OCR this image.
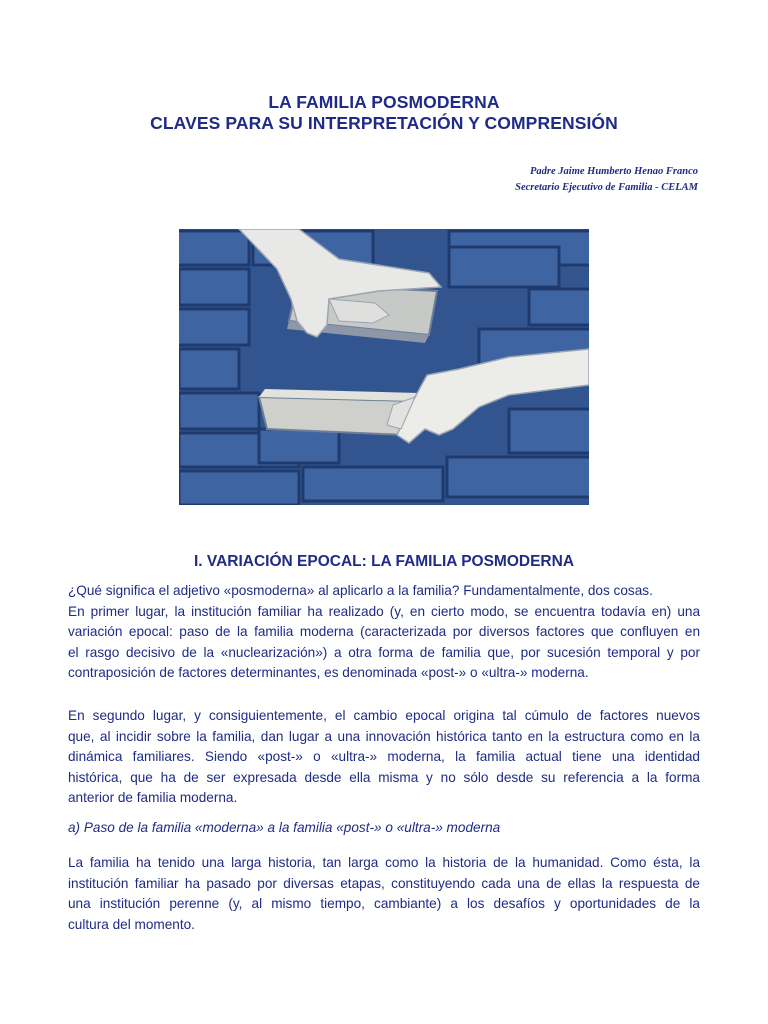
LA FAMILIA POSMODERNA
CLAVES PARA SU INTERPRETACIÓN Y COMPRENSIÓN
Padre Jaime Humberto Henao Franco
Secretario Ejecutivo de Familia - CELAM
I. VARIACIÓN EPOCAL: LA FAMILIA POSMODERNA
¿Qué significa el adjetivo «posmoderna» al aplicarlo a la familia? Fundamentalmente, dos cosas.
En primer lugar, la institución familiar ha realizado (y, en cierto modo, se encuentra todavía en) una
variación epocal: paso de la familia moderna (caracterizada por diversos factores que confluyen en
el rasgo decisivo de la «nuclearización») a otra forma de familia que, por sucesión temporal y por
contraposición de factores determinantes, es denominada «post-» o «ultra-» moderna.
En segundo lugar, y consiguientemente, el cambio epocal origina tal cúmulo de factores nuevos
que, al incidir sobre la familia, dan lugar a una innovación histórica tanto en la estructura como en la
dinámica familiares. Siendo «post-» o «ultra-» moderna, la familia actual tiene una identidad
histórica, que ha de ser expresada desde ella misma y no sólo desde su referencia a la forma
anterior de familia moderna.
a) Paso de la familia «moderna» a la familia «post-» o «ultra-» moderna
La familia ha tenido una larga historia, tan larga como la historia de la humanidad. Como ésta, la
institución familiar ha pasado por diversas etapas, constituyendo cada una de ellas la respuesta de
una institución perenne (y, al mismo tiempo, cambiante) a los desafíos y oportunidades de la
cultura del momento.
